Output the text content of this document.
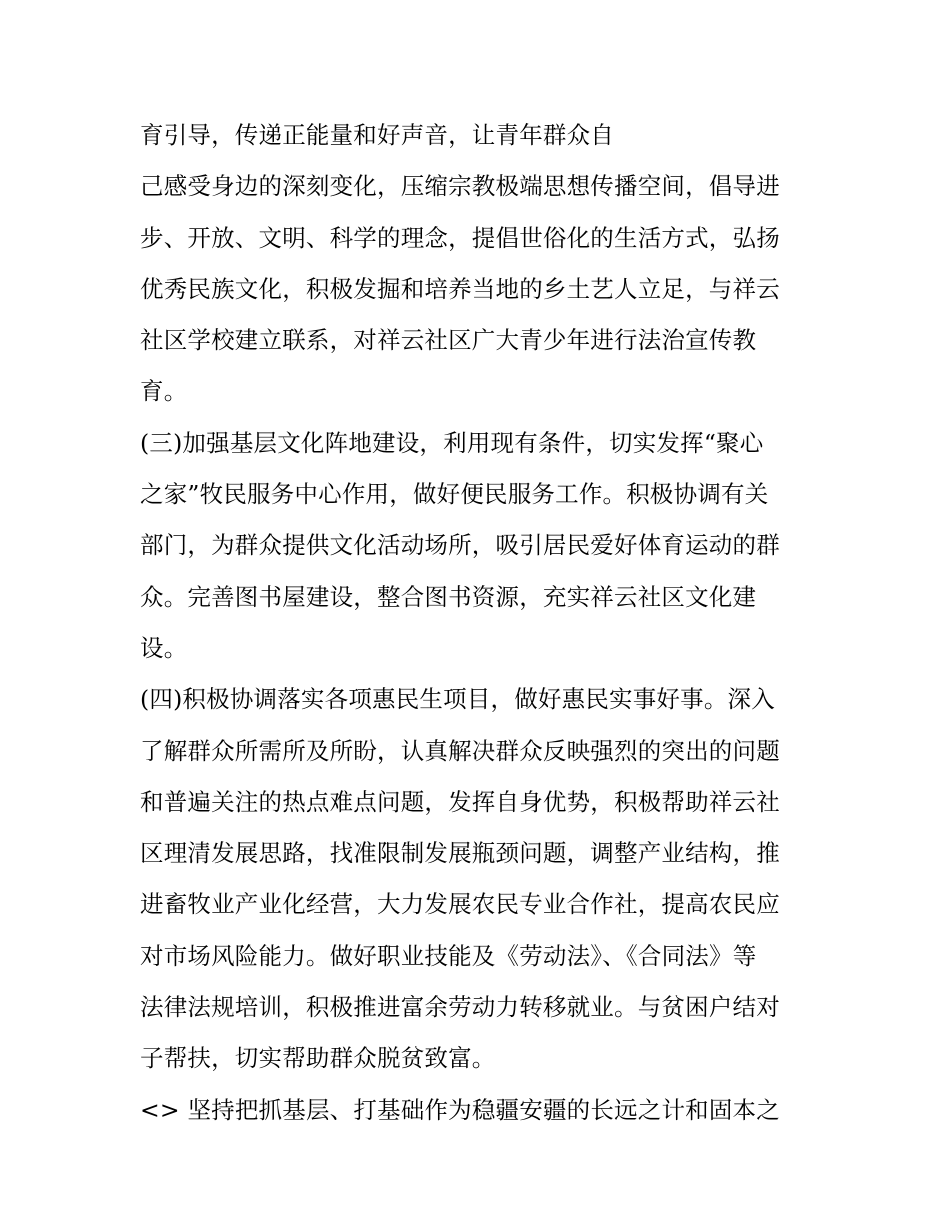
育引导，传递正能量和好声音，让青年群众自
己感受身边的深刻变化，压缩宗教极端思想传播空间，倡导进
步、开放、文明、科学的理念，提倡世俗化的生活方式，弘扬
优秀民族文化，积极发掘和培养当地的乡土艺人立足，与祥云
社区学校建立联系，对祥云社区广大青少年进行法治宣传教
育。
(三)加强基层文化阵地建设，利用现有条件，切实发挥“聚心
之家”牧民服务中心作用，做好便民服务工作。积极协调有关
部门，为群众提供文化活动场所，吸引居民爱好体育运动的群
众。完善图书屋建设，整合图书资源，充实祥云社区文化建
设。
(四)积极协调落实各项惠民生项目，做好惠民实事好事。深入
了解群众所需所及所盼，认真解决群众反映强烈的突出的问题
和普遍关注的热点难点问题，发挥自身优势，积极帮助祥云社
区理清发展思路，找准限制发展瓶颈问题，调整产业结构，推
进畜牧业产业化经营，大力发展农民专业合作社，提高农民应
对市场风险能力。做好职业技能及《劳动法》、《合同法》等
法律法规培训，积极推进富余劳动力转移就业。与贫困户结对
子帮扶，切实帮助群众脱贫致富。
<> 坚持把抓基层、打基础作为稳疆安疆的长远之计和固本之
